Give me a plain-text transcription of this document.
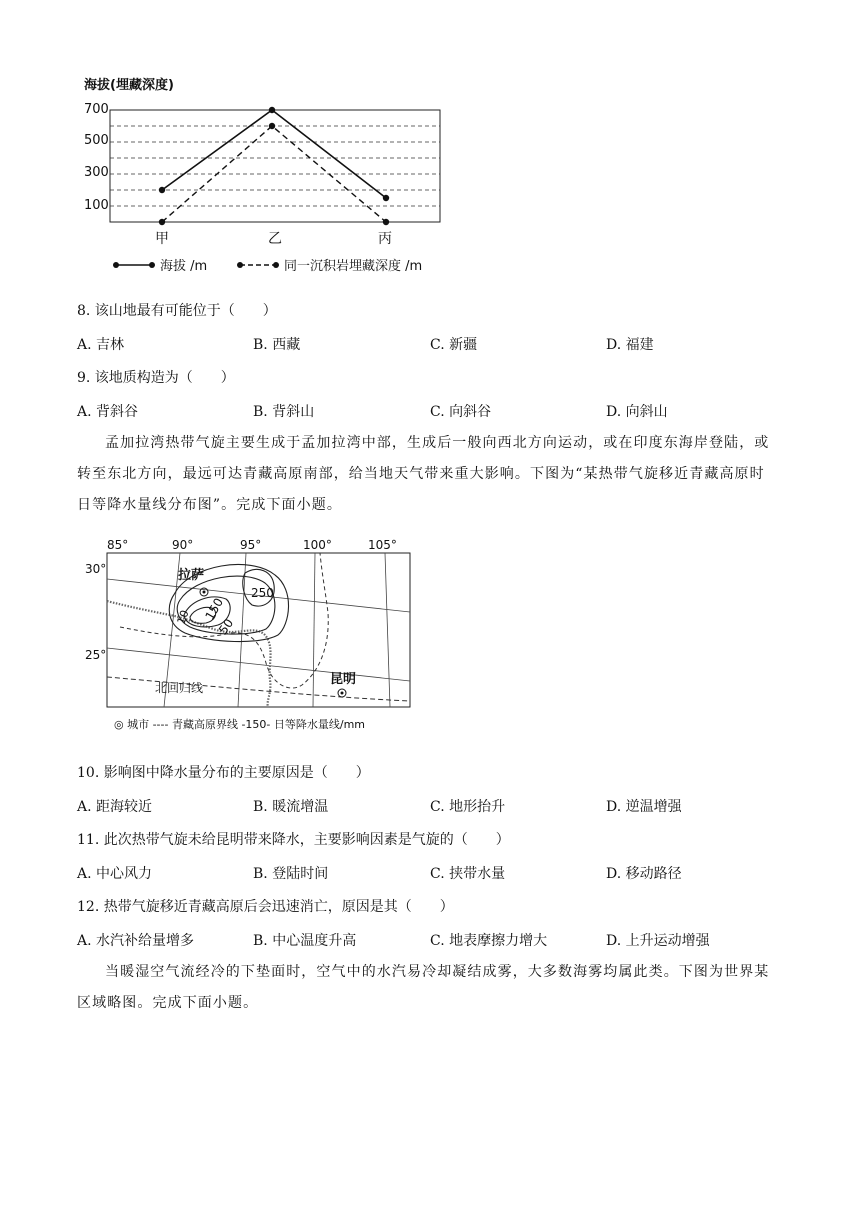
海拔(埋藏深度)
700
500
300
100
甲	乙	丙
海拔 /m	同一沉积岩埋藏深度 /m
8. 该山地最有可能位于（　　）
A. 吉林	B. 西藏	C. 新疆	D. 福建
9. 该地质构造为（　　）
A. 背斜谷	B. 背斜山	C. 向斜谷	D. 向斜山
孟加拉湾热带气旋主要生成于孟加拉湾中部，生成后一般向西北方向运动，或在印度东海岸登陆，或转至东北方向，最远可达青藏高原南部，给当地天气带来重大影响。下图为“某热带气旋移近青藏高原时日等降水量线分布图”。完成下面小题。
85°	90°	95°	100°	105°
30°
25°
北回归线
150
250
50
10
拉萨
昆明
◎ 城市 ---- 青藏高原界线 -150- 日等降水量线/mm
10. 影响图中降水量分布的主要原因是（　　）
A. 距海较近	B. 暖流增温	C. 地形抬升	D. 逆温增强
11. 此次热带气旋未给昆明带来降水，主要影响因素是气旋的（　　）
A. 中心风力	B. 登陆时间	C. 挟带水量	D. 移动路径
12. 热带气旋移近青藏高原后会迅速消亡，原因是其（　　）
A. 水汽补给量增多	B. 中心温度升高	C. 地表摩擦力增大	D. 上升运动增强
当暖湿空气流经冷的下垫面时，空气中的水汽易冷却凝结成雾，大多数海雾均属此类。下图为世界某区域略图。完成下面小题。
